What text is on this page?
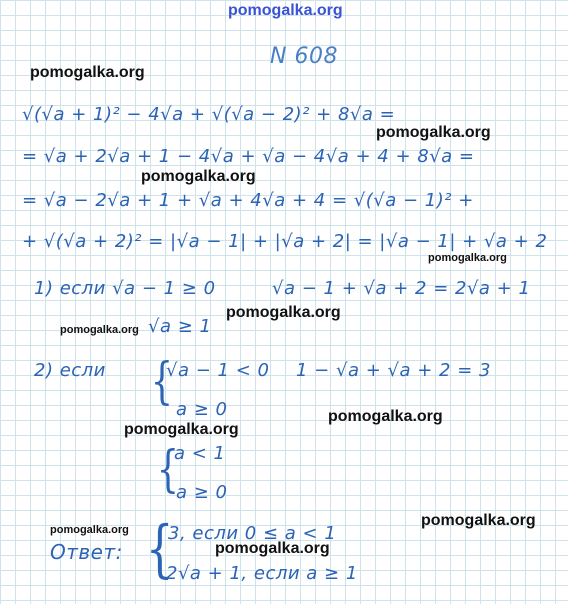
pomogalka.org
N 608
pomogalka.org
√(√a + 1)² − 4√a + √(√a − 2)² + 8√a =
pomogalka.org
= √a + 2√a + 1 − 4√a + √a − 4√a + 4 + 8√a =
pomogalka.org
= √a − 2√a + 1 + √a + 4√a + 4 = √(√a − 1)² +
+ √(√a + 2)² = |√a − 1| + |√a + 2| = |√a − 1| + √a + 2
pomogalka.org
1) если √a − 1 ≥ 0	√a − 1 + √a + 2 = 2√a + 1
pomogalka.org
pomogalka.org √a ≥ 1
2) если {
√a − 1 < 0 1 − √a + √a + 2 = 3
a ≥ 0	pomogalka.org
pomogalka.org
{
a < 1
a ≥ 0
pomogalka.org
pomogalka.org
Ответ: {
3, если 0 ≤ a < 1
pomogalka.org
2√a + 1, если a ≥ 1
